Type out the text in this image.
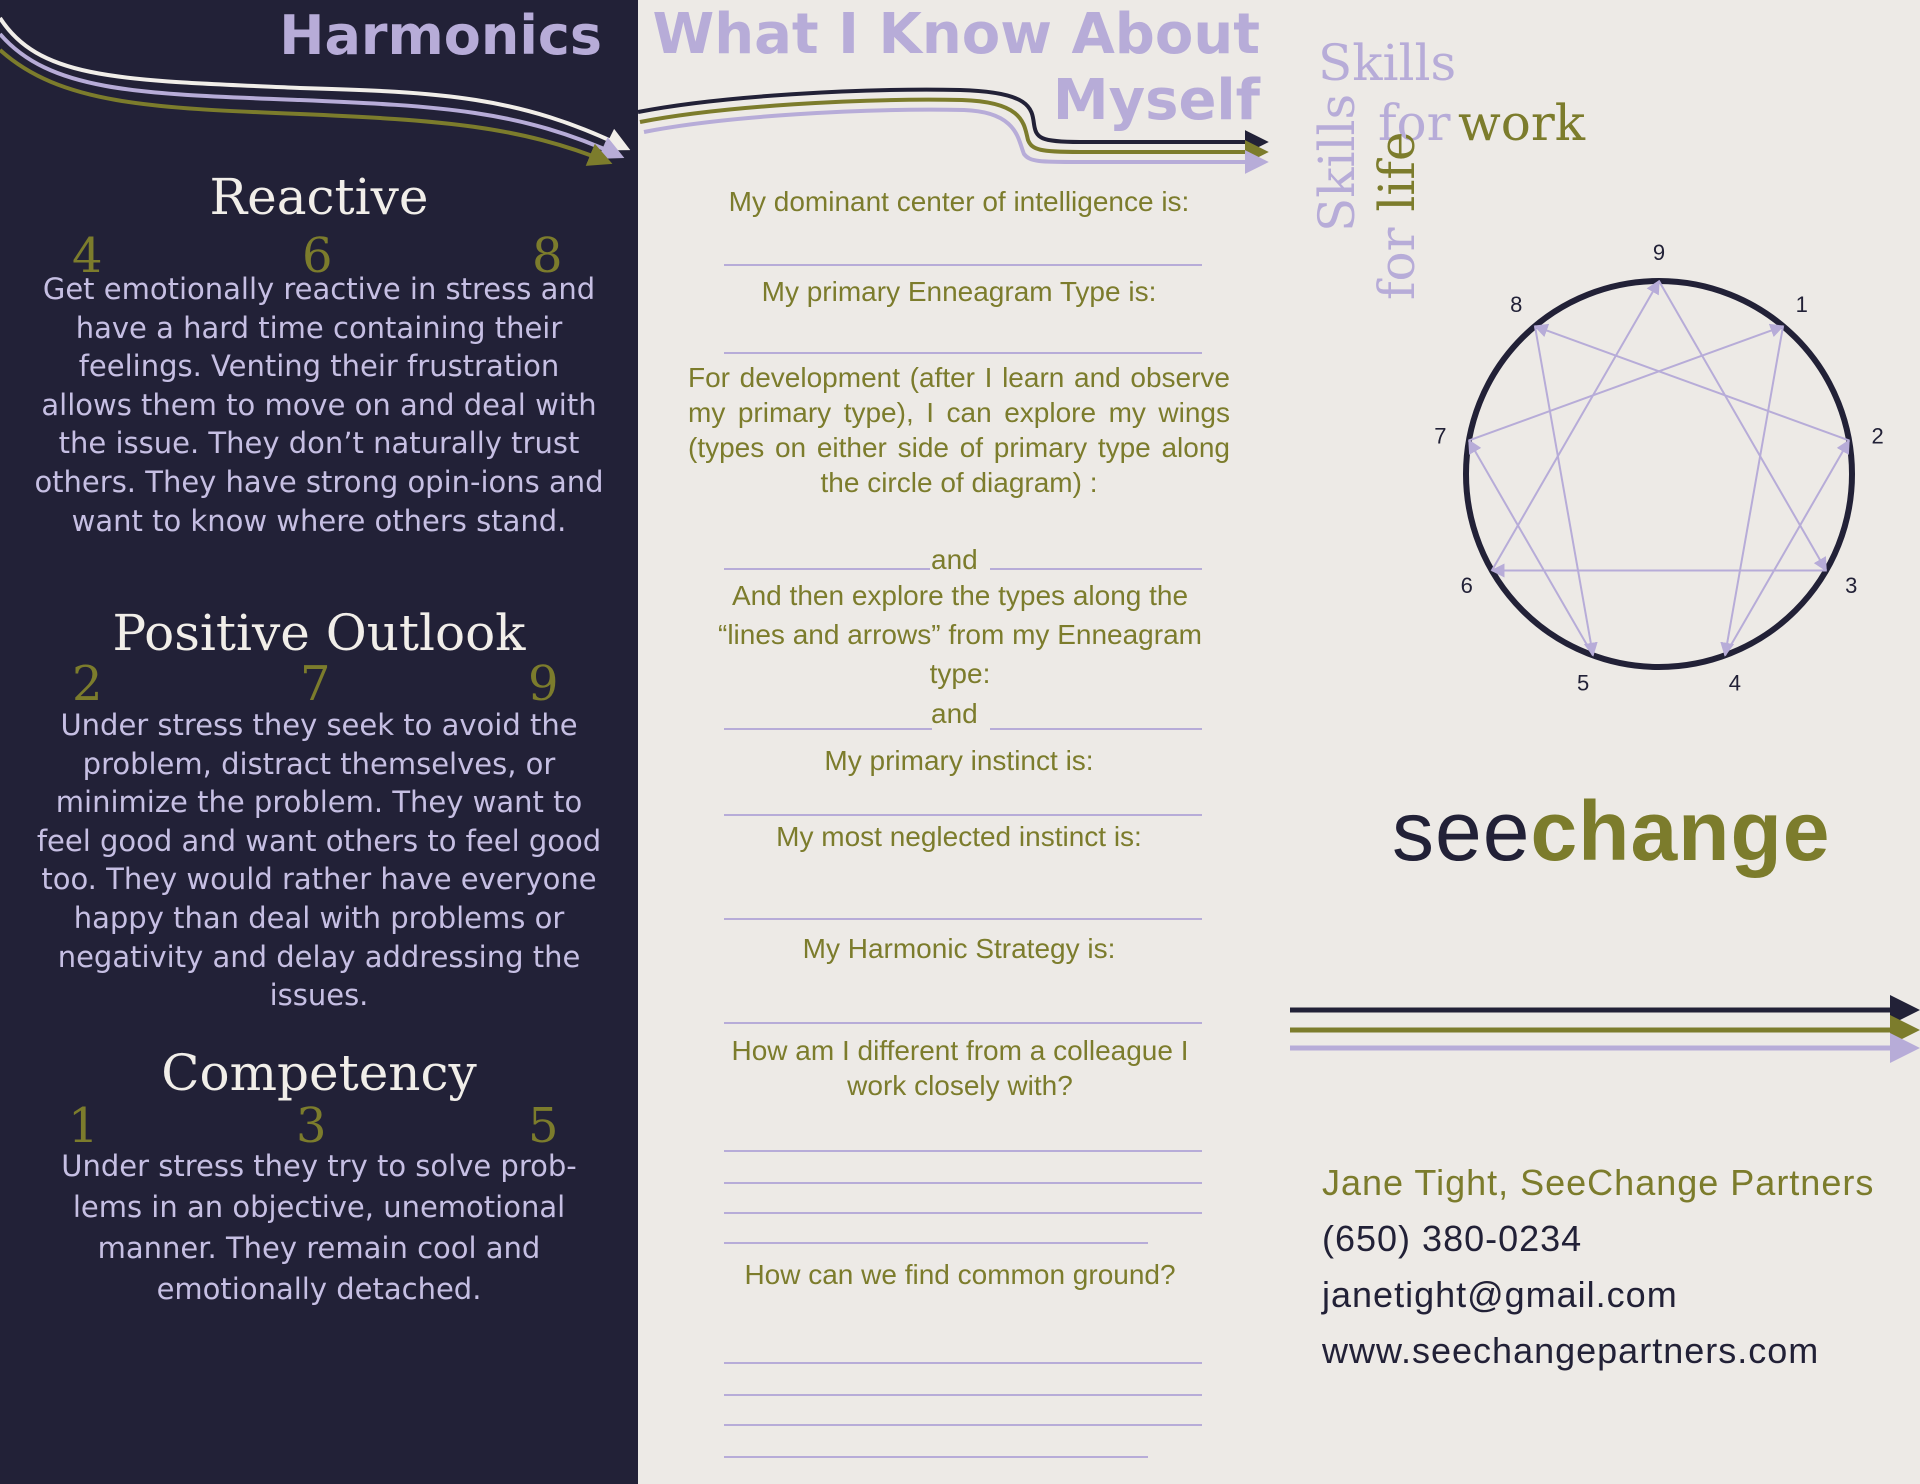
Harmonics
Reactive
4	6	8
Get emotionally reactive in stress and have a hard time containing their feelings. Venting their frustration allows them to move on and deal with the issue. They don’t naturally trust others. They have strong opin-ions and want to know where others stand.
Positive Outlook
2	7	9
Under stress they seek to avoid the problem, distract themselves, or minimize the problem. They want to feel good and want others to feel good too. They would rather have everyone happy than deal with problems or negativity and delay addressing the issues.
Competency
1	3	5
Under stress they try to solve prob-lems in an objective, unemotional manner. They remain cool and emotionally detached.
What I Know About
Myself
My dominant center of intelligence is:
My primary Enneagram Type is:
For development (after I learn and observe my primary type), I can explore my wings (types on either side of primary type along the circle of diagram) :
and
And then explore the types along the “lines and arrows” from my Enneagram type:
and
My primary instinct is:
My most neglected instinct is:
My Harmonic Strategy is:
How am I different from a colleague I work closely with?
How can we find common ground?
Skills
for work
Skills
for life
seechange
Jane Tight, SeeChange Partners
(650) 380-0234
janetight@gmail.com
www.seechangepartners.com
9
1
2
3
4
5
6
7
8
